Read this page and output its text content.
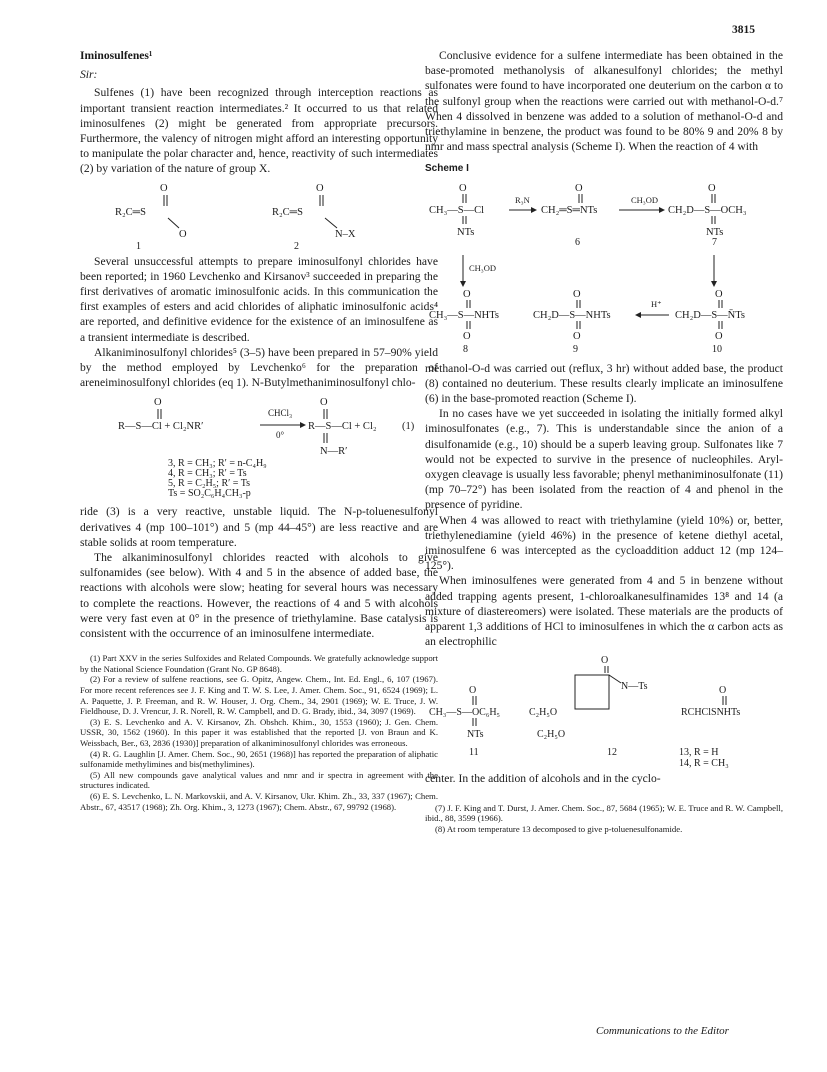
3815
Iminosulfenes¹
Sir:

Sulfenes (1) have been recognized through interception reactions as important transient reaction intermediates.² It occurred to us that related iminosulfenes (2) might be generated from appropriate precursors. Furthermore, the valency of nitrogen might afford an interesting opportunity to manipulate the polar character and, hence, reactivity of such intermediates (2) by variation of the nature of group X.

O
R₂C═S
O
1
O
R₂C═S
N–X
2

Several unsuccessful attempts to prepare iminosulfonyl chlorides have been reported; in 1960 Levchenko and Kirsanov³ succeeded in preparing the first derivatives of aromatic iminosulfonic acids. In this communication the first examples of esters and acid chlorides of aliphatic iminosulfonic acids⁴ are reported, and definitive evidence for the existence of an iminosulfene as a transient intermediate is described.

Alkaniminosulfonyl chlorides⁵ (3–5) have been prepared in 57–90% yield by the method employed by Levchenko⁶ for the preparation of areneiminosulfonyl chlorides (eq 1). N-Butylmethaniminosulfonyl chlo-

O
R—S—Cl + Cl₂NR′
CHCl₃
0°
O
R—S—Cl + Cl₂ (1)
N—R′
3, R = CH₃; R′ = n-C₄H₉
4, R = CH₃; R′ = Ts
5, R = C₂H₅; R′ = Ts
Ts = SO₂C₆H₄CH₃-p

ride (3) is a very reactive, unstable liquid. The N-p-toluenesulfonyl derivatives 4 (mp 100–101°) and 5 (mp 44–45°) are less reactive and are stable solids at room temperature.

The alkaniminosulfonyl chlorides reacted with alcohols to give sulfonamides (see below). With 4 and 5 in the absence of added base, the reactions with alcohols were slow; heating for several hours was necessary to complete the reactions. However, the reactions of 4 and 5 with alcohols were very fast even at 0° in the presence of triethylamine. Base catalysis is consistent with the occurrence of an iminosulfene intermediate.

(1) Part XXV in the series Sulfoxides and Related Compounds. We gratefully acknowledge support by the National Science Foundation (Grant No. GP 8648).

(2) For a review of sulfene reactions, see G. Opitz, Angew. Chem., Int. Ed. Engl., 6, 107 (1967). For more recent references see J. F. King and T. W. S. Lee, J. Amer. Chem. Soc., 91, 6524 (1969); L. A. Paquette, J. P. Freeman, and R. W. Houser, J. Org. Chem., 34, 2901 (1969); W. E. Truce, J. W. Fieldhouse, D. J. Vrencur, J. R. Norell, R. W. Campbell, and D. G. Brady, ibid., 34, 3097 (1969).

(3) E. S. Levchenko and A. V. Kirsanov, Zh. Obshch. Khim., 30, 1553 (1960); J. Gen. Chem. USSR, 30, 1562 (1960). In this paper it was established that the reported [J. von Braun and K. Weissbach, Ber., 63, 2836 (1930)] preparation of alkaniminosulfonyl chlorides was erroneous.

(4) R. G. Laughlin [J. Amer. Chem. Soc., 90, 2651 (1968)] has reported the preparation of aliphatic sulfonamide methylimines and bis(methylimines).

(5) All new compounds gave analytical values and nmr and ir spectra in agreement with the structures indicated.

(6) E. S. Levchenko, L. N. Markovskii, and A. V. Kirsanov, Ukr. Khim. Zh., 33, 337 (1967); Chem. Abstr., 67, 43517 (1968); Zh. Org. Khim., 3, 1273 (1967); Chem. Abstr., 67, 99792 (1968).

Conclusive evidence for a sulfene intermediate has been obtained in the base-promoted methanolysis of alkanesulfonyl chlorides; the methyl sulfonates were found to have incorporated one deuterium on the carbon α to the sulfonyl group when the reactions were carried out with methanol-O-d.⁷ When 4 dissolved in benzene was added to a solution of methanol-O-d and triethylamine in benzene, the product was found to be 80% 9 and 20% 8 by nmr and mass spectral analysis (Scheme I). When the reaction of 4 with

Scheme I
O
CH₃—S—Cl
NTs
R₃N
O
CH₂═S═NTs
6
CH₃OD
O
CH₂D—S—OCH₃
NTs
7
CH₃OD
O
CH₃—S—NHTs
O
8
O
CH₂D—S—NHTs
O
9
H⁺
O
CH₂D—S—N̄Ts
O
10

methanol-O-d was carried out (reflux, 3 hr) without added base, the product (8) contained no deuterium. These results clearly implicate an iminosulfene (6) in the base-promoted reaction (Scheme I).

In no cases have we yet succeeded in isolating the initially formed alkyl iminosulfonates (e.g., 7). This is understandable since the anion of a disulfonamide (e.g., 10) should be a superb leaving group. Sulfonates like 7 would not be expected to survive in the presence of nucleophiles. Aryl-oxygen cleavage is usually less favorable; phenyl methaniminosulfonate (11) (mp 70–72°) has been isolated from the reaction of 4 and phenol in the presence of pyridine.

When 4 was allowed to react with triethylamine (yield 10%) or, better, triethylenediamine (yield 46%) in the presence of ketene diethyl acetal, iminosulfene 6 was intercepted as the cycloaddition adduct 12 (mp 124–125°).

When iminosulfenes were generated from 4 and 5 in benzene without added trapping agents present, 1-chloroalkanesulfinamides 13⁸ and 14 (a mixture of diastereomers) were isolated. These materials are the products of apparent 1,3 additions of HCl to iminosulfenes in which the α carbon acts as an electrophilic

O
CH₃—S—OC₆H₅
NTs
11
O
N—Ts
C₂H₅O
C₂H₅O
12
O
RCHClSNHTs
13, R = H
14, R = CH₃

center. In the addition of alcohols and in the cyclo-

(7) J. F. King and T. Durst, J. Amer. Chem. Soc., 87, 5684 (1965); W. E. Truce and R. W. Campbell, ibid., 88, 3599 (1966).

(8) At room temperature 13 decomposed to give p-toluenesulfonamide.

Communications to the Editor
